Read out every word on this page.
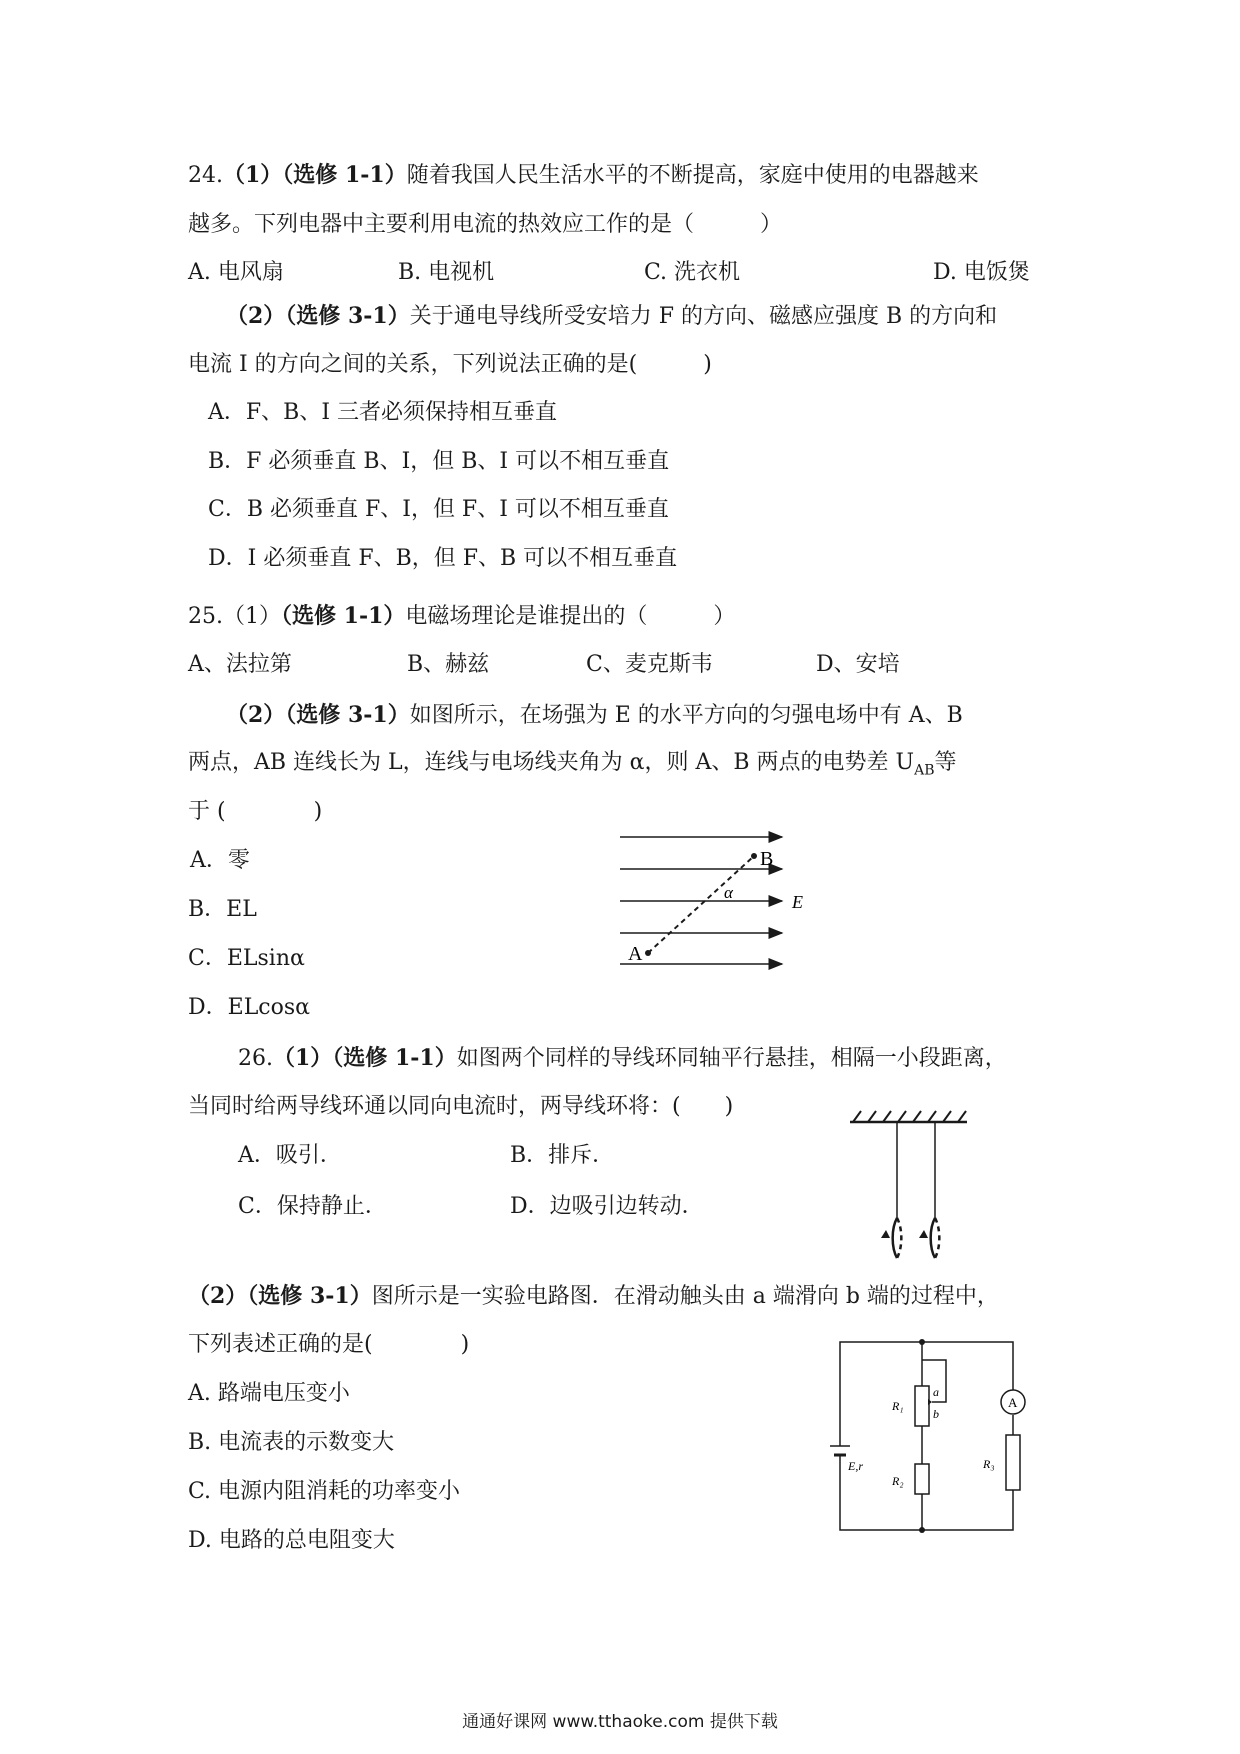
24.（1）（选修 1-1）随着我国人民生活水平的不断提高，家庭中使用的电器越来
越多。下列电器中主要利用电流的热效应工作的是（　　　）
A. 电风扇	B. 电视机	C. 洗衣机	D. 电饭煲
（2）（选修 3-1）关于通电导线所受安培力 F 的方向、磁感应强度 B 的方向和
电流 I 的方向之间的关系，下列说法正确的是(　　　)
A．F、B、I 三者必须保持相互垂直
B．F 必须垂直 B、I，但 B、I 可以不相互垂直
C．B 必须垂直 F、I，但 F、I 可以不相互垂直
D．I 必须垂直 F、B，但 F、B 可以不相互垂直
25.（1）（选修 1-1）电磁场理论是谁提出的（　　　）
A、法拉第	B、赫兹	C、麦克斯韦	D、安培
（2）（选修 3-1）如图所示，在场强为 E 的水平方向的匀强电场中有 A、B
两点，AB 连线长为 L，连线与电场线夹角为 α，则 A、B 两点的电势差 $U_{AB}$等
于 (　　　　)
A．零
B．EL
C．ELsinα
D．ELcosα
B
A
α	E
26.（1）（选修 1-1）如图两个同样的导线环同轴平行悬挂，相隔一小段距离，
当同时给两导线环通以同向电流时，两导线环将：(　　)
A．吸引．	B．排斥．
C．保持静止．	D．边吸引边转动．
（2）（选修 3-1）图所示是一实验电路图．在滑动触头由 a 端滑向 b 端的过程中，
下列表述正确的是(　　　　)
A. 路端电压变小
B. 电流表的示数变大
C. 电源内阻消耗的功率变小
D. 电路的总电阻变大
E,r
R₁
a
b
R₂
A
R₃
通通好课网 www.tthaoke.com 提供下载
